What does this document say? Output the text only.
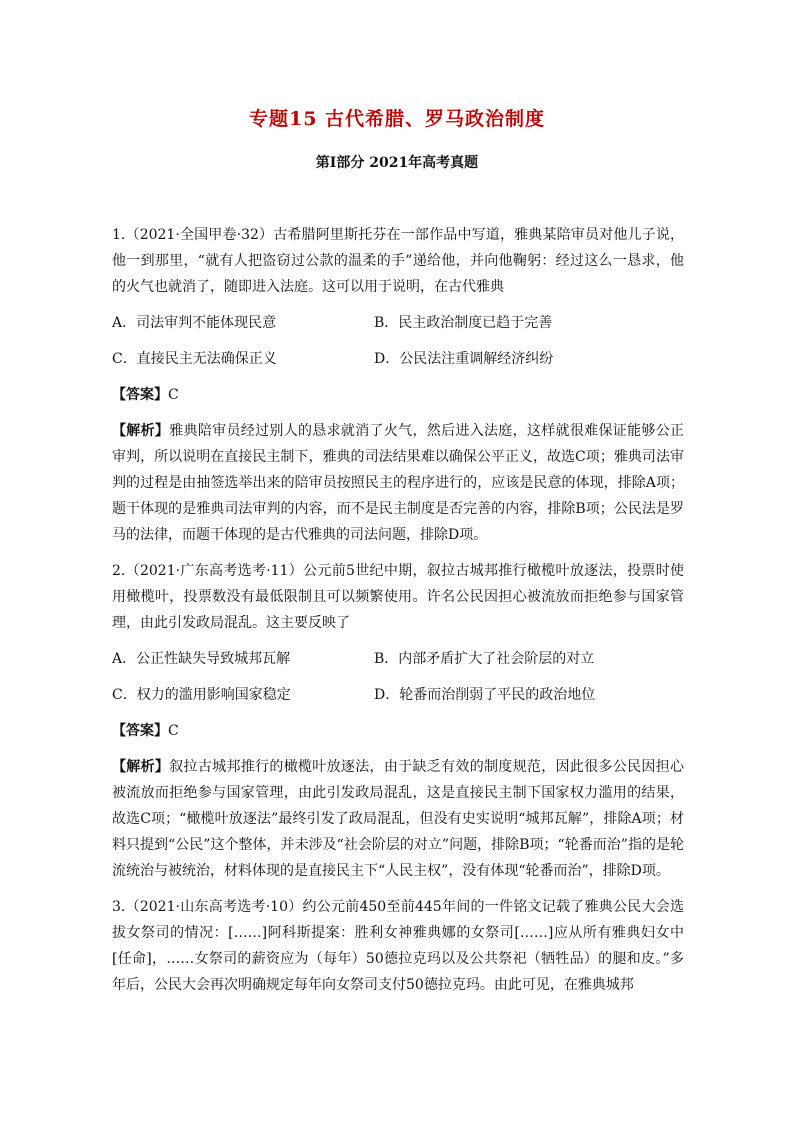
专题15 古代希腊、罗马政治制度
第Ⅰ部分 2021年高考真题

1.（2021·全国甲卷·32）古希腊阿里斯托芬在一部作品中写道，雅典某陪审员对他儿子说，他一到那里，“就有人把盗窃过公款的温柔的手”递给他，并向他鞠躬：经过这么一恳求，他的火气也就消了，随即进入法庭。这可以用于说明，在古代雅典

A．司法审判不能体现民意	B．民主政治制度已趋于完善
C．直接民主无法确保正义	D．公民法注重调解经济纠纷
【答案】C

【解析】雅典陪审员经过别人的恳求就消了火气，然后进入法庭，这样就很难保证能够公正审判，所以说明在直接民主制下，雅典的司法结果难以确保公平正义，故选C项；雅典司法审判的过程是由抽签选举出来的陪审员按照民主的程序进行的，应该是民意的体现，排除A项；题干体现的是雅典司法审判的内容，而不是民主制度是否完善的内容，排除B项；公民法是罗马的法律，而题干体现的是古代雅典的司法问题，排除D项。

2.（2021·广东高考选考·11）公元前5世纪中期，叙拉古城邦推行橄榄叶放逐法，投票时使用橄榄叶，投票数没有最低限制且可以频繁使用。许名公民因担心被流放而拒绝参与国家管理，由此引发政局混乱。这主要反映了

A．公正性缺失导致城邦瓦解	B．内部矛盾扩大了社会阶层的对立
C．权力的滥用影响国家稳定	D．轮番而治削弱了平民的政治地位
【答案】C

【解析】叙拉古城邦推行的橄榄叶放逐法，由于缺乏有效的制度规范，因此很多公民因担心被流放而拒绝参与国家管理，由此引发政局混乱，这是直接民主制下国家权力滥用的结果，故选C项；“橄榄叶放逐法”最终引发了政局混乱，但没有史实说明“城邦瓦解”，排除A项；材料只提到“公民”这个整体，并未涉及“社会阶层的对立”问题，排除B项；“轮番而治”指的是轮流统治与被统治，材料体现的是直接民主下“人民主权”，没有体现“轮番而治”，排除D项。

3.（2021·山东高考选考·10）约公元前450至前445年间的一件铭文记载了雅典公民大会选拔女祭司的情况：[……]阿科斯提案：胜利女神雅典娜的女祭司[……]应从所有雅典妇女中[任命]，……女祭司的薪资应为（每年）50德拉克玛以及公共祭祀（牺牲品）的腿和皮。”多年后，公民大会再次明确规定每年向女祭司支付50德拉克玛。由此可见，在雅典城邦
